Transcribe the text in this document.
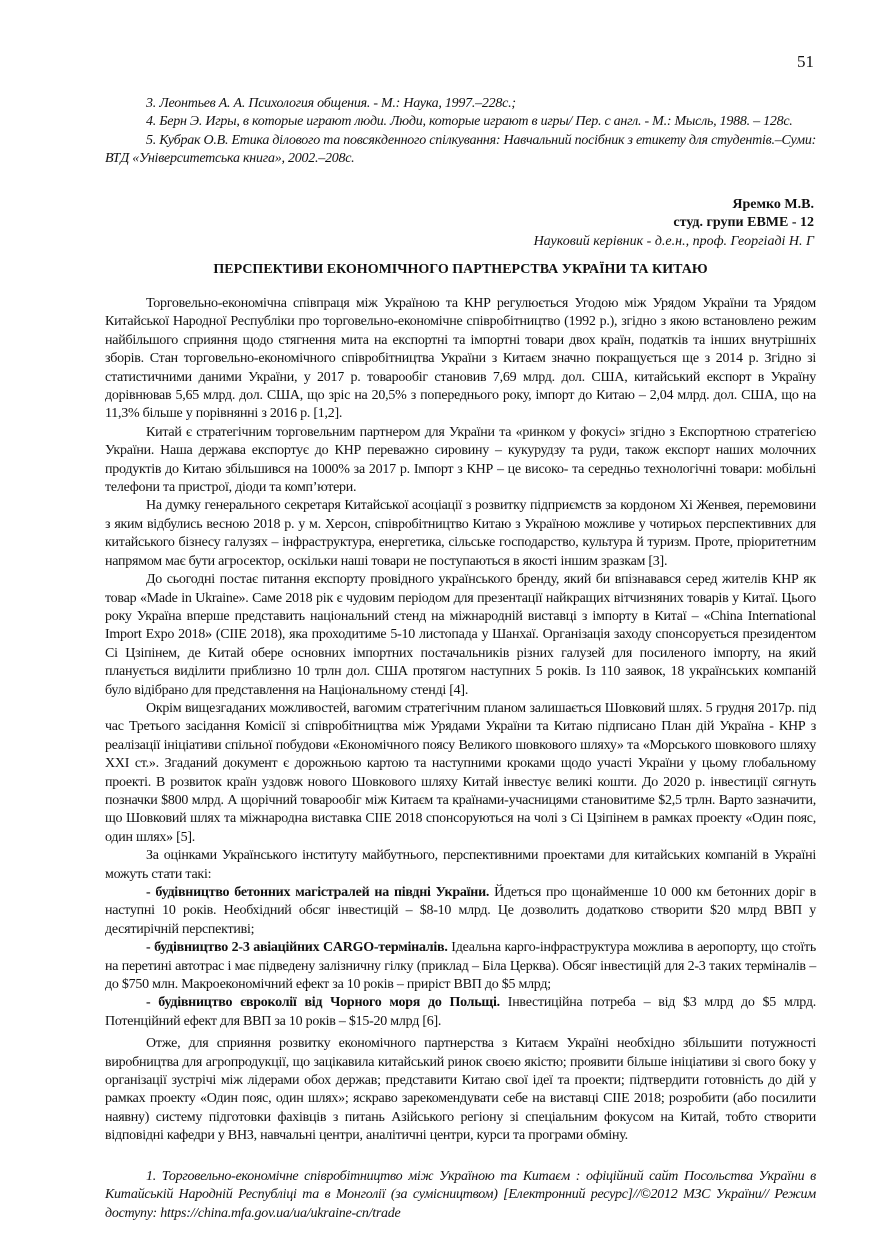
51

3. Леонтьев А. А. Психология общения. - М.: Наука, 1997.–228с.;

4. Берн Э. Игры, в которые играют люди. Люди, которые играют в игры/ Пер. с англ. - М.: Мысль, 1988. – 128с.

5. Кубрак О.В. Етика ділового та повсякденного спілкування: Навчальний посібник з етикету для студентів.–Суми: ВТД «Університетська книга», 2002.–208с.

Яремко М.В.
студ. групи ЕВМЕ - 12
Науковий керівник - д.е.н., проф. Георгіаді Н. Г
ПЕРСПЕКТИВИ ЕКОНОМІЧНОГО ПАРТНЕРСТВА УКРАЇНИ ТА КИТАЮ

Торговельно-економічна співпраця між Україною та КНР регулюється Угодою між Урядом України та Урядом Китайської Народної Республіки про торговельно-економічне співробітництво (1992 р.), згідно з якою встановлено режим найбільшого сприяння щодо стягнення мита на експортні та імпортні товари двох країн, податків та інших внутрішніх зборів. Стан торговельно-економічного співробітництва України з Китаєм значно покращується ще з 2014 р. Згідно зі статистичними даними України, у 2017 р. товарообіг становив 7,69 млрд. дол. США, китайський експорт в Україну дорівнював 5,65 млрд. дол. США, що зріс на 20,5% з попереднього року, імпорт до Китаю – 2,04 млрд. дол. США, що на 11,3% більше у порівнянні з 2016 р. [1,2].

Китай є стратегічним торговельним партнером для України та «ринком у фокусі» згідно з Експортною стратегією України. Наша держава експортує до КНР переважно сировину – кукурудзу та руди, також експорт наших молочних продуктів до Китаю збільшився на 1000% за 2017 р. Імпорт з КНР – це високо- та середньо технологічні товари: мобільні телефони та пристрої, діоди та комп’ютери.

На думку генерального секретаря Китайської асоціації з розвитку підприємств за кордоном Хі Женвея, перемовини з яким відбулись весною 2018 р. у м. Херсон, співробітництво Китаю з Україною можливе у чотирьох перспективних для китайського бізнесу галузях – інфраструктура, енергетика, сільське господарство, культура й туризм. Проте, пріоритетним напрямом має бути агросектор, оскільки наші товари не поступаються в якості іншим зразкам [3].

До сьогодні постає питання експорту провідного українського бренду, який би впізнавався серед жителів КНР як товар «Made in Ukraine». Саме 2018 рік є чудовим періодом для презентації найкращих вітчизняних товарів у Китаї. Цього року Україна вперше представить національний стенд на міжнародній виставці з імпорту в Китаї – «China International Import Expo 2018» (CIIE 2018), яка проходитиме 5-10 листопада у Шанхаї. Організація заходу спонсорується президентом Сі Цзіпінем, де Китай обере основних імпортних постачальників різних галузей для посиленого імпорту, на який планується виділити приблизно 10 трлн дол. США протягом наступних 5 років. Із 110 заявок, 18 українських компаній було відібрано для представлення на Національному стенді [4].

Окрім вищезгаданих можливостей, вагомим стратегічним планом залишається Шовковий шлях. 5 грудня 2017р. під час Третього засідання Комісії зі співробітництва між Урядами України та Китаю підписано План дій Україна - КНР з реалізації ініціативи спільної побудови «Економічного поясу Великого шовкового шляху» та «Морського шовкового шляху XXI ст.». Згаданий документ є дорожньою картою та наступними кроками щодо участі України у цьому глобальному проекті. В розвиток країн уздовж нового Шовкового шляху Китай інвестує великі кошти. До 2020 р. інвестиції сягнуть позначки $800 млрд. А щорічний товарообіг між Китаєм та країнами-учасницями становитиме $2,5 трлн. Варто зазначити, що Шовковий шлях та міжнародна виставка CIIE 2018 спонсоруються на чолі з Сі Цзіпінем в рамках проекту «Один пояс, один шлях» [5].

За оцінками Українського інституту майбутнього, перспективними проектами для китайських компаній в Україні можуть стати такі:

- будівництво бетонних магістралей на півдні України. Йдеться про щонайменше 10 000 км бетонних доріг в наступні 10 років. Необхідний обсяг інвестицій – $8-10 млрд. Це дозволить додатково створити $20 млрд ВВП у десятирічній перспективі;

- будівництво 2-3 авіаційних CARGO-терміналів. Ідеальна карго-інфраструктура можлива в аеропорту, що стоїть на перетині автотрас і має підведену залізничну гілку (приклад – Біла Церква). Обсяг інвестицій для 2-3 таких терміналів – до $750 млн. Макроекономічний ефект за 10 років – приріст ВВП до $5 млрд;

- будівництво євроколії від Чорного моря до Польщі. Інвестиційна потреба – від $3 млрд до $5 млрд. Потенційний ефект для ВВП за 10 років – $15-20 млрд [6].

Отже, для сприяння розвитку економічного партнерства з Китаєм Україні необхідно збільшити потужності виробництва для агропродукції, що зацікавила китайський ринок своєю якістю; проявити більше ініціативи зі свого боку у організації зустрічі між лідерами обох держав; представити Китаю свої ідеї та проекти; підтвердити готовність до дій у рамках проекту «Один пояс, один шлях»; яскраво зарекомендувати себе на виставці CIIE 2018; розробити (або посилити наявну) систему підготовки фахівців з питань Азійського регіону зі спеціальним фокусом на Китай, тобто створити відповідні кафедри у ВНЗ, навчальні центри, аналітичні центри, курси та програми обміну.

1. Торговельно-економічне співробітництво між Україною та Китаєм : офіційний сайт Посольства України в Китайській Народній Республіці та в Монголії (за сумісництвом) [Електронний ресурс]//©2012 МЗС України// Режим доступу: https://china.mfa.gov.ua/ua/ukraine-cn/trade
